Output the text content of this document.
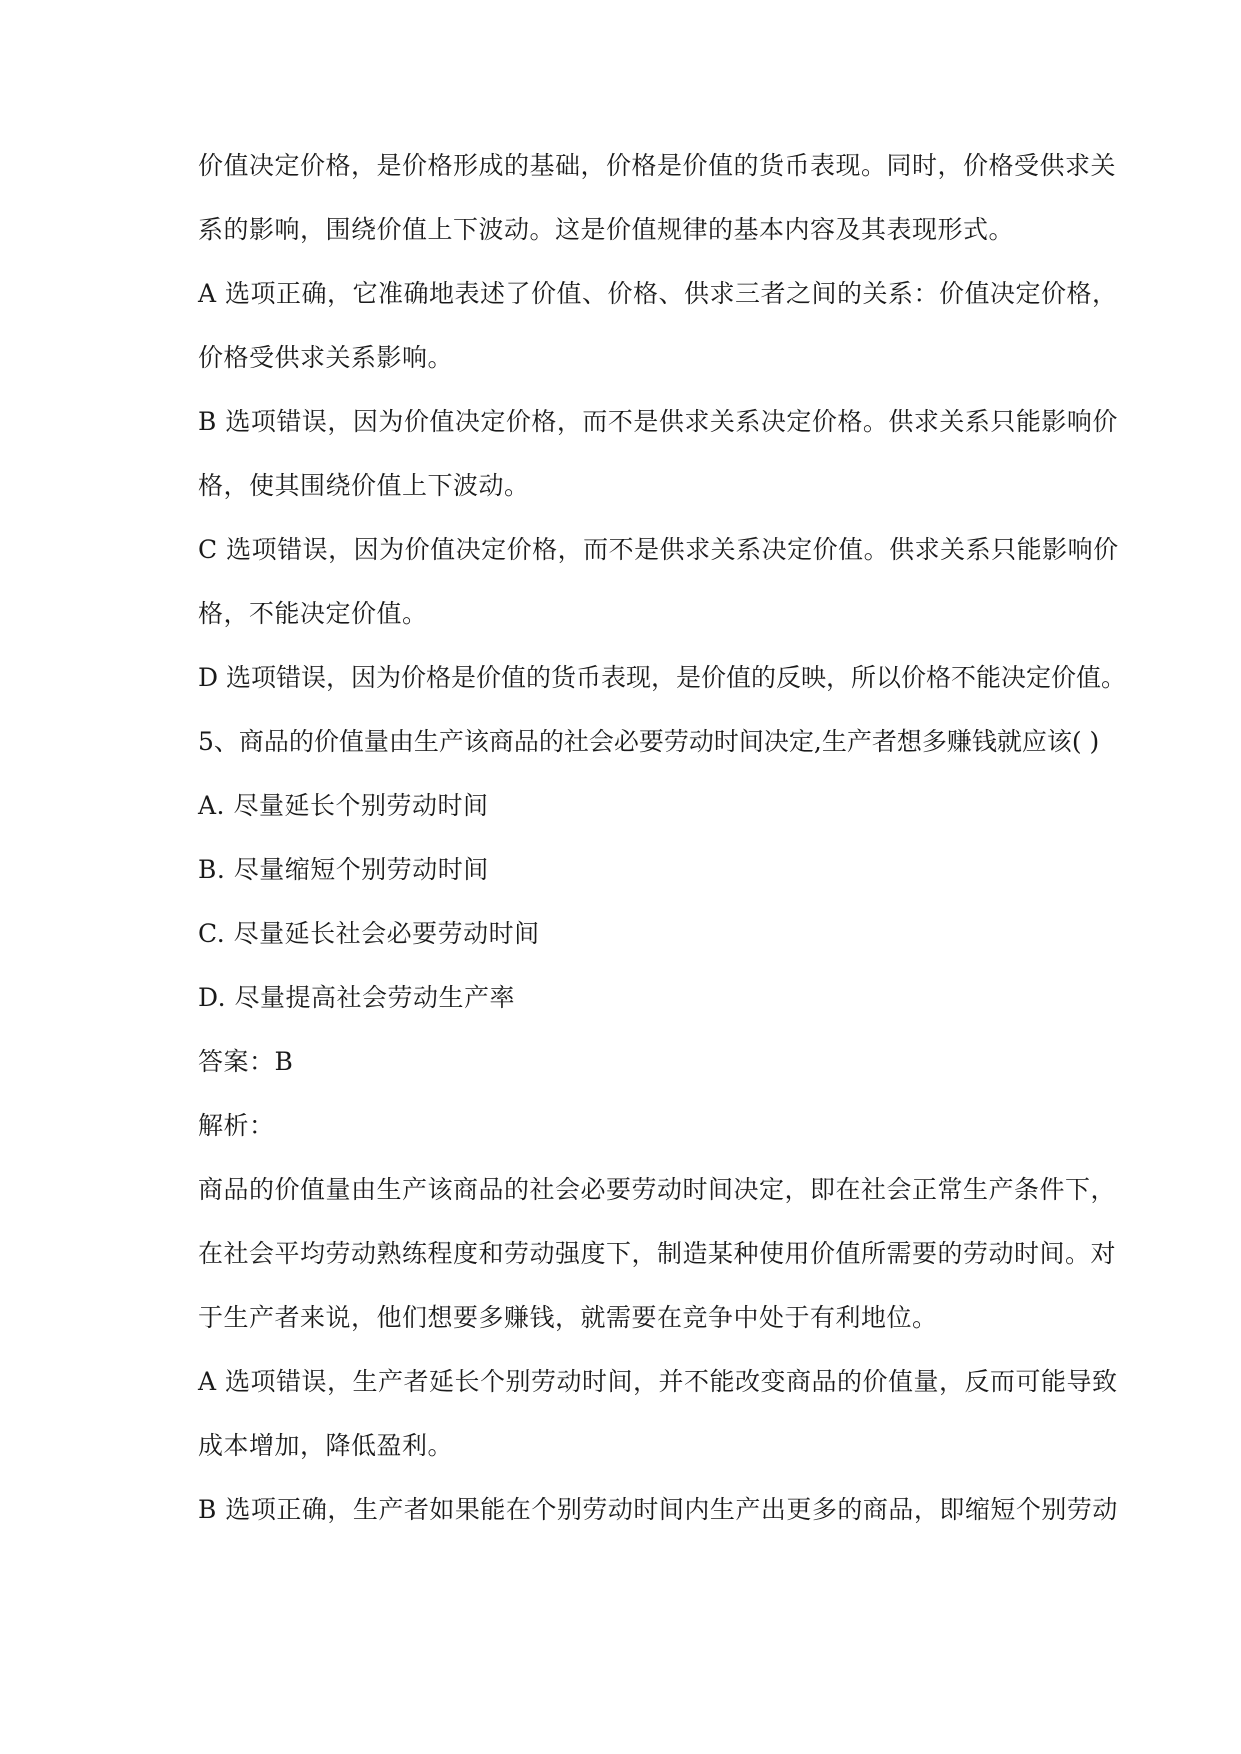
价值决定价格，是价格形成的基础，价格是价值的货币表现。同时，价格受供求关
系的影响，围绕价值上下波动。这是价值规律的基本内容及其表现形式。
A 选项正确，它准确地表述了价值、价格、供求三者之间的关系：价值决定价格，
价格受供求关系影响。
B 选项错误，因为价值决定价格，而不是供求关系决定价格。供求关系只能影响价
格，使其围绕价值上下波动。
C 选项错误，因为价值决定价格，而不是供求关系决定价值。供求关系只能影响价
格，不能决定价值。
D 选项错误，因为价格是价值的货币表现，是价值的反映，所以价格不能决定价值。
5、商品的价值量由生产该商品的社会必要劳动时间决定,生产者想多赚钱就应该( )
A. 尽量延长个别劳动时间
B. 尽量缩短个别劳动时间
C. 尽量延长社会必要劳动时间
D. 尽量提高社会劳动生产率
答案：B
解析：
商品的价值量由生产该商品的社会必要劳动时间决定，即在社会正常生产条件下，
在社会平均劳动熟练程度和劳动强度下，制造某种使用价值所需要的劳动时间。对
于生产者来说，他们想要多赚钱，就需要在竞争中处于有利地位。
A 选项错误，生产者延长个别劳动时间，并不能改变商品的价值量，反而可能导致
成本增加，降低盈利。
B 选项正确，生产者如果能在个别劳动时间内生产出更多的商品，即缩短个别劳动
